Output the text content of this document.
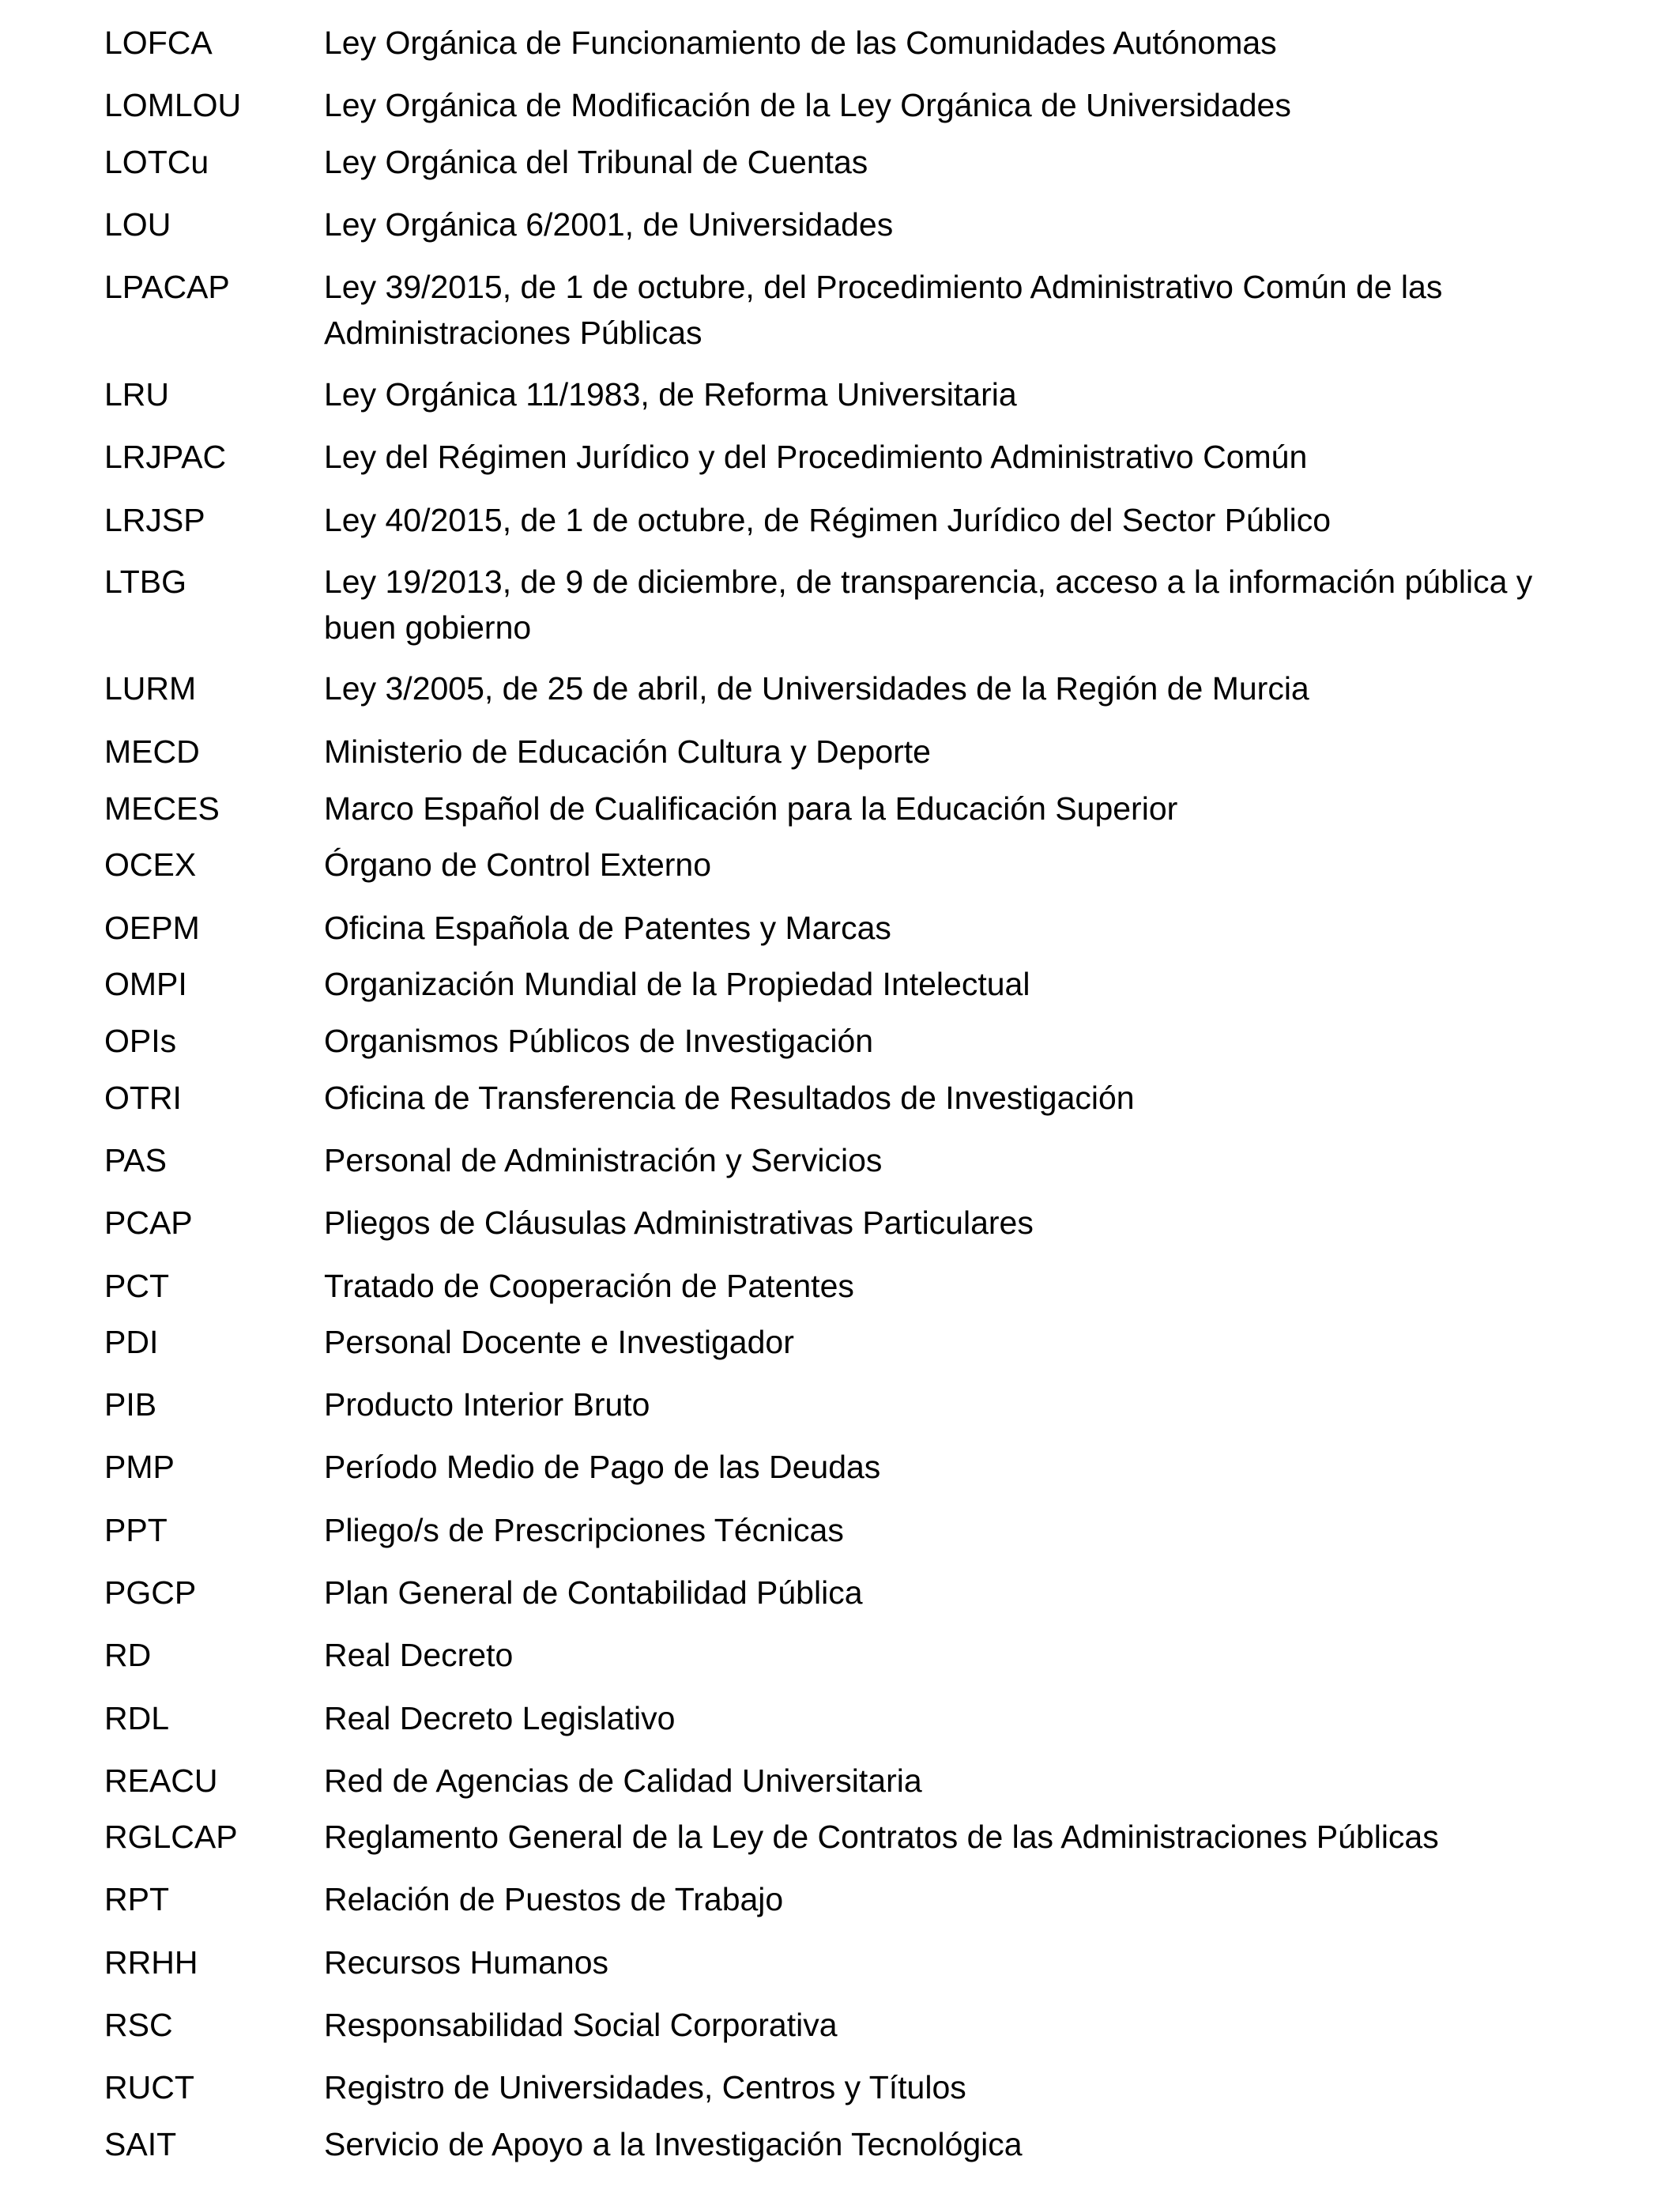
LOFCA	Ley Orgánica de Funcionamiento de las Comunidades Autónomas
LOMLOU	Ley Orgánica de Modificación de la Ley Orgánica de Universidades
LOTCu	Ley Orgánica del Tribunal de Cuentas
LOU	Ley Orgánica 6/2001, de Universidades
LPACAP	Ley 39/2015, de 1 de octubre, del Procedimiento Administrativo Común de las Administraciones Públicas
LRU	Ley Orgánica 11/1983, de Reforma Universitaria
LRJPAC	Ley del Régimen Jurídico y del Procedimiento Administrativo Común
LRJSP	Ley 40/2015, de 1 de octubre, de Régimen Jurídico del Sector Público
LTBG	Ley 19/2013, de 9 de diciembre, de transparencia, acceso a la información pública y buen gobierno
LURM	Ley 3/2005, de 25 de abril, de Universidades de la Región de Murcia
MECD	Ministerio de Educación Cultura y Deporte
MECES	Marco Español de Cualificación para la Educación Superior
OCEX	Órgano de Control Externo
OEPM	Oficina Española de Patentes y Marcas
OMPI	Organización Mundial de la Propiedad Intelectual
OPIs	Organismos Públicos de Investigación
OTRI	Oficina de Transferencia de Resultados de Investigación
PAS	Personal de Administración y Servicios
PCAP	Pliegos de Cláusulas Administrativas Particulares
PCT	Tratado de Cooperación de Patentes
PDI	Personal Docente e Investigador
PIB	Producto Interior Bruto
PMP	Período Medio de Pago de las Deudas
PPT	Pliego/s de Prescripciones Técnicas
PGCP	Plan General de Contabilidad Pública
RD	Real Decreto
RDL	Real Decreto Legislativo
REACU	Red de Agencias de Calidad Universitaria
RGLCAP	Reglamento General de la Ley de Contratos de las Administraciones Públicas
RPT	Relación de Puestos de Trabajo
RRHH	Recursos Humanos
RSC	Responsabilidad Social Corporativa
RUCT	Registro de Universidades, Centros y Títulos
SAIT	Servicio de Apoyo a la Investigación Tecnológica
